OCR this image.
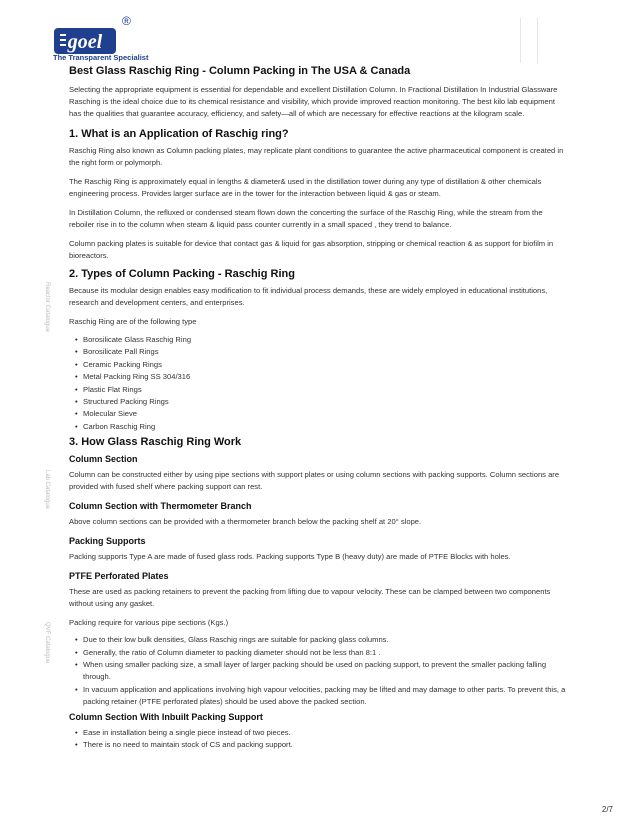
goel
®
The Transparent Specialist
Reactor Catalogue
Lab Catalogue
QVF Catalogue
Best Glass Raschig Ring - Column Packing in The USA & Canada

Selecting the appropriate equipment is essential for dependable and excellent Distillation Column. In Fractional Distillation In Industrial Glassware Rasching is the ideal choice due to its chemical resistance and visibility, which provide improved reaction monitoring. The best kilo lab equipment has the qualities that guarantee accuracy, efficiency, and safety—all of which are necessary for effective reactions at the kilogram scale.

1. What is an Application of Raschig ring?

Raschig Ring also known as Column packing plates, may replicate plant conditions to guarantee the active pharmaceutical component is created in the right form or polymorph.

The Raschig Ring is approximately equal in lengths & diameter& used in the distillation tower during any type of distillation & other chemicals engineering process. Provides larger surface are in the tower for the interaction between liquid & gas or steam.

In Distillation Column, the refluxed or condensed steam flown down the concerting the surface of the Raschig Ring, while the stream from the reboiler rise in to the column when steam & liquid pass counter currently in a small spaced , they trend to balance.

Column packing plates is suitable for device that contact gas & liquid for gas absorption, stripping or chemical reaction & as support for biofilm in bioreactors.

2. Types of Column Packing - Raschig Ring

Because its modular design enables easy modification to fit individual process demands, these are widely employed in educational institutions, research and development centers, and enterprises.

Raschig Ring are of the following type

• Borosilicate Glass Raschig Ring
• Borosilicate Pall Rings
• Ceramic Packing Rings
• Metal Packing Ring SS 304/316
• Plastic Flat Rings
• Structured Packing Rings
• Molecular Sieve
• Carbon Raschig Ring
3. How Glass Raschig Ring Work
Column Section

Column can be constructed either by using pipe sections with support plates or using column sections with packing supports. Column sections are provided with fused shelf where packing support can rest.

Column Section with Thermometer Branch

Above column sections can be provided with a thermometer branch below the packing shelf at 20° slope.

Packing Supports

Packing supports Type A are made of fused glass rods. Packing supports Type B (heavy duty) are made of PTFE Blocks with holes.

PTFE Perforated Plates

These are used as packing retainers to prevent the packing from lifting due to vapour velocity. These can be clamped between two components without using any gasket.

Packing require for various pipe sections (Kgs.)

• Due to their low bulk densities, Glass Raschig rings are suitable for packing glass columns.
• Generally, the ratio of Column diameter to packing diameter should not be less than 8:1 .
• When using smaller packing size, a small layer of larger packing should be used on packing support, to prevent the smaller packing falling through.
• In vacuum application and applications involving high vapour velocities, packing may be lifted and may damage to other parts. To prevent this, a packing retainer (PTFE perforated plates) should be used above the packed section.
Column Section With Inbuilt Packing Support
• Ease in installation being a single piece instead of two pieces.
• There is no need to maintain stock of CS and packing support.
2/7
